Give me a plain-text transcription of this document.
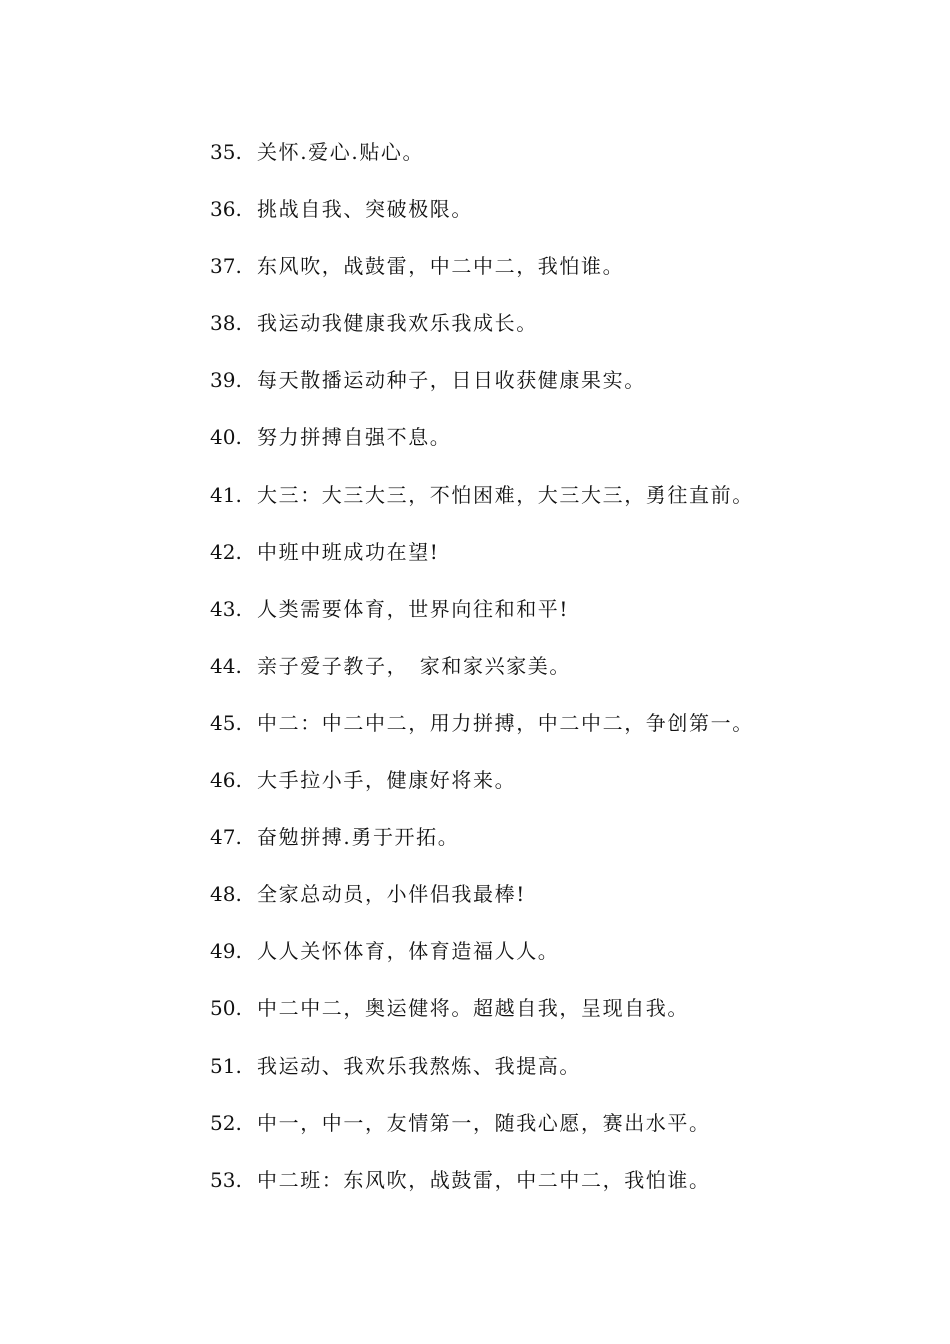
35. 关怀.爱心.贴心。
36. 挑战自我、突破极限。
37. 东风吹，战鼓雷，中二中二，我怕谁。
38. 我运动我健康我欢乐我成长。
39. 每天散播运动种子，日日收获健康果实。
40. 努力拼搏自强不息。
41. 大三：大三大三，不怕困难，大三大三，勇往直前。
42. 中班中班成功在望!
43. 人类需要体育，世界向往和和平!
44. 亲子爱子教子，　家和家兴家美。
45. 中二：中二中二，用力拼搏，中二中二，争创第一。
46. 大手拉小手，健康好将来。
47. 奋勉拼搏.勇于开拓。
48. 全家总动员，小伴侣我最棒!
49. 人人关怀体育，体育造福人人。
50. 中二中二，奥运健将。超越自我，呈现自我。
51. 我运动、我欢乐我熬炼、我提高。
52. 中一，中一，友情第一，随我心愿，赛出水平。
53. 中二班：东风吹，战鼓雷，中二中二，我怕谁。
